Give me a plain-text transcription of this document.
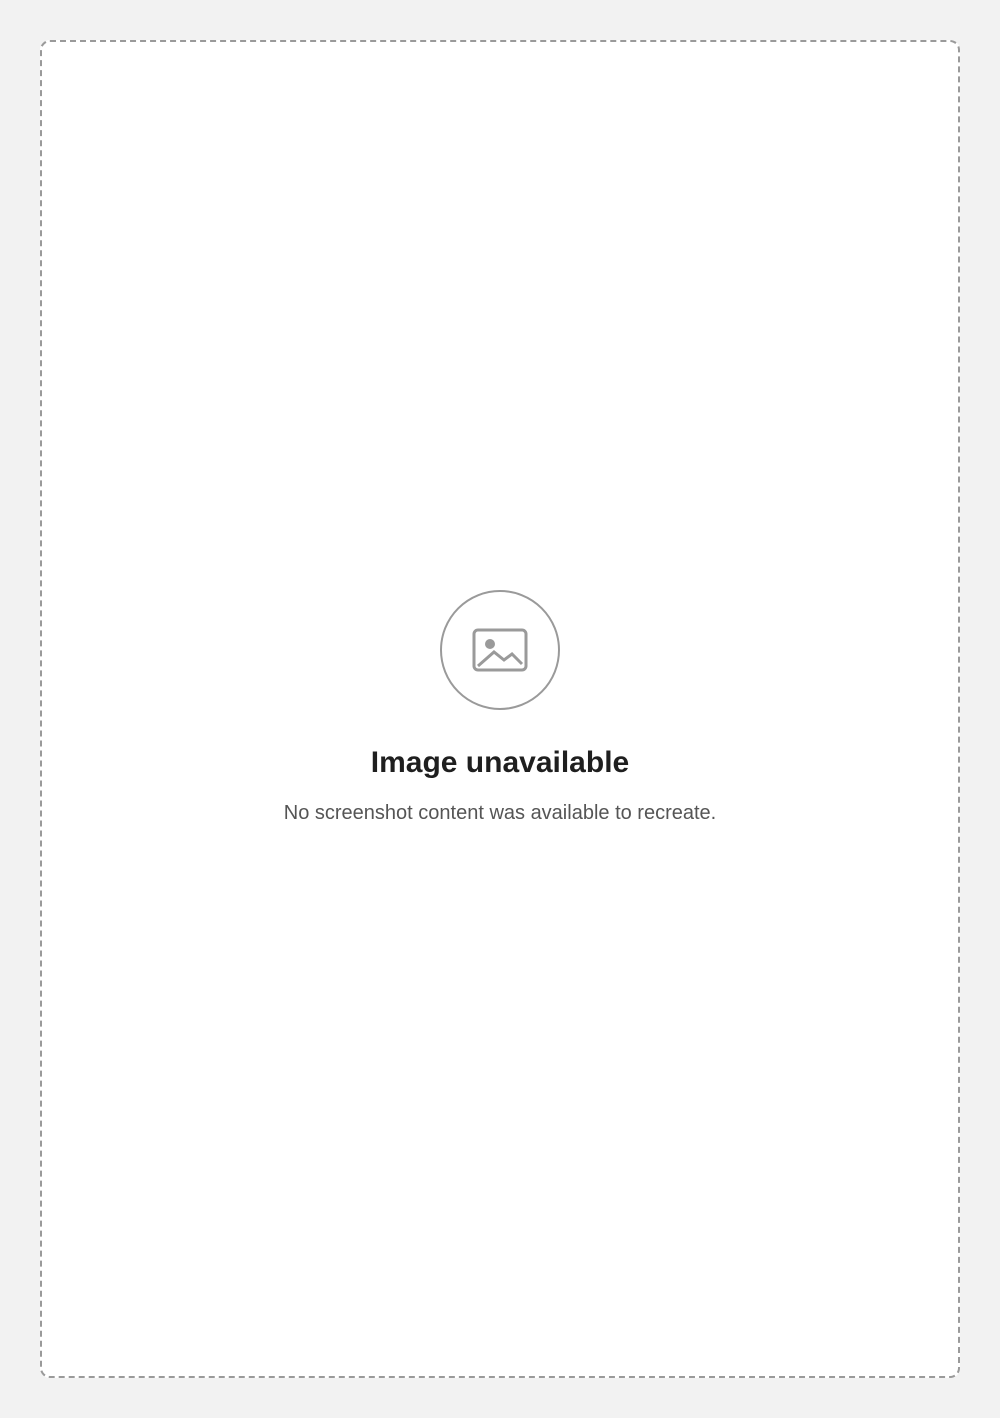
Image unavailable
No screenshot content was available to recreate.
